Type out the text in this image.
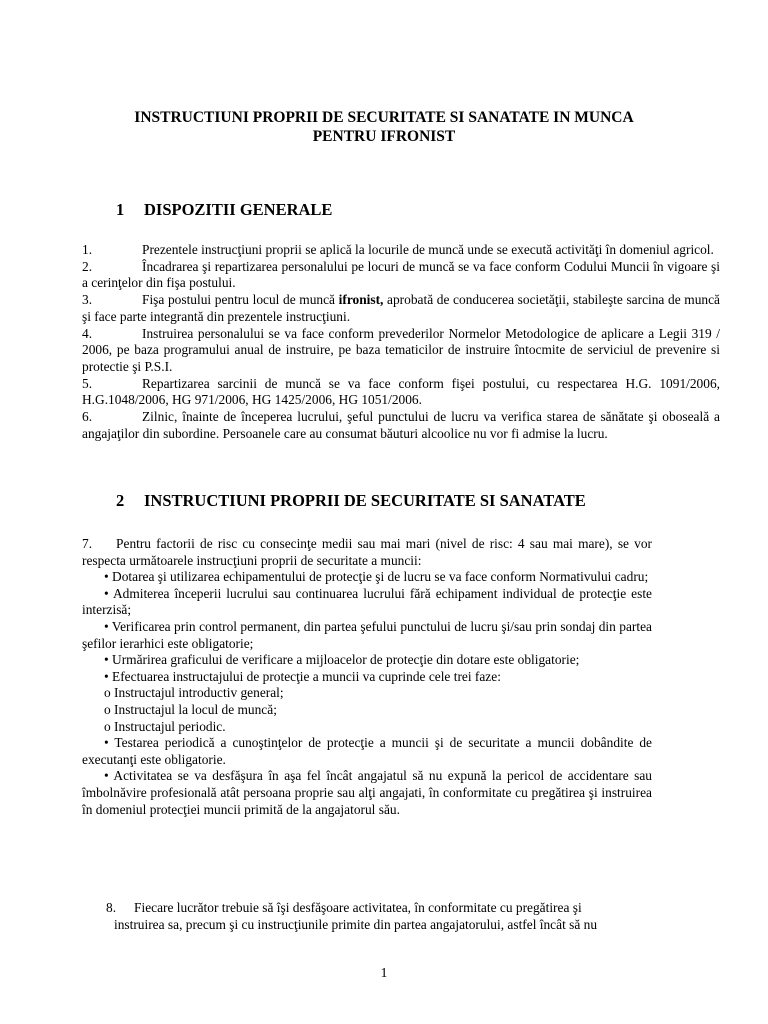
INSTRUCTIUNI PROPRII DE SECURITATE SI SANATATE IN MUNCA
PENTRU IFRONIST
1 DISPOZITII GENERALE

1.	Prezentele instrucţiuni proprii se aplică la locurile de muncă unde se execută activităţi în domeniul agricol.

2.	Încadrarea şi repartizarea personalului pe locuri de muncă se va face conform Codului Muncii în vigoare şi a cerinţelor din fişa postului.

3.	Fişa postului pentru locul de muncă ifronist, aprobată de conducerea societăţii, stabileşte sarcina de muncă şi face parte integrantă din prezentele instrucţiuni.

4.	Instruirea personalului se va face conform prevederilor Normelor Metodologice de aplicare a Legii 319 / 2006, pe baza programului anual de instruire, pe baza tematicilor de instruire întocmite de serviciul de prevenire si protectie şi P.S.I.

5.	Repartizarea sarcinii de muncă se va face conform fişei postului, cu respectarea H.G. 1091/2006, H.G.1048/2006, HG 971/2006, HG 1425/2006, HG 1051/2006.

6.	Zilnic, înainte de începerea lucrului, şeful punctului de lucru va verifica starea de sănătate şi oboseală a angajaţilor din subordine. Persoanele care au consumat băuturi alcoolice nu vor fi admise la lucru.

2 INSTRUCTIUNI PROPRII DE SECURITATE SI SANATATE

7. Pentru factorii de risc cu consecinţe medii sau mai mari (nivel de risc: 4 sau mai mare), se vor respecta următoarele instrucţiuni proprii de securitate a muncii:

• Dotarea şi utilizarea echipamentului de protecţie şi de lucru se va face conform Normativului cadru;

• Admiterea începerii lucrului sau continuarea lucrului fără echipament individual de protecţie este interzisă;

• Verificarea prin control permanent, din partea şefului punctului de lucru şi/sau prin sondaj din partea şefilor ierarhici este obligatorie;

• Urmărirea graficului de verificare a mijloacelor de protecţie din dotare este obligatorie;

• Efectuarea instructajului de protecţie a muncii va cuprinde cele trei faze:

o Instructajul introductiv general;

o Instructajul la locul de muncă;

o Instructajul periodic.

• Testarea periodică a cunoştinţelor de protecţie a muncii şi de securitate a muncii dobândite de executanţi este obligatorie.

• Activitatea se va desfăşura în aşa fel încât angajatul să nu expună la pericol de accidentare sau îmbolnăvire profesională atât persoana proprie sau alţi angajati, în conformitate cu pregătirea şi instruirea în domeniul protecţiei muncii primită de la angajatorul său.

8. Fiecare lucrător trebuie să îşi desfăşoare activitatea, în conformitate cu pregătirea şi
instruirea sa, precum şi cu instrucţiunile primite din partea angajatorului, astfel încât să nu
1
